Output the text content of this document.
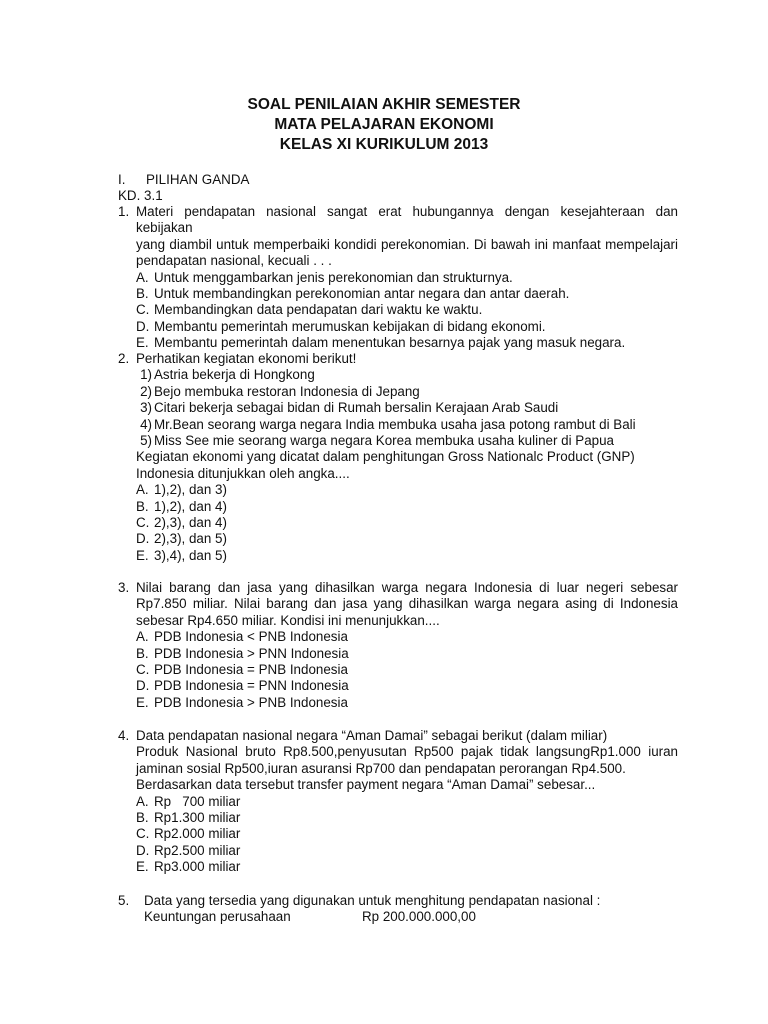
SOAL PENILAIAN AKHIR SEMESTER
MATA PELAJARAN EKONOMI
KELAS XI KURIKULUM 2013
I. PILIHAN GANDA
KD. 3.1
1. Materi pendapatan nasional sangat erat hubungannya dengan kesejahteraan dan kebijakan
yang diambil untuk memperbaiki kondidi perekonomian. Di bawah ini manfaat mempelajari
pendapatan nasional, kecuali . . .
A. Untuk menggambarkan jenis perekonomian dan strukturnya.
B. Untuk membandingkan perekonomian antar negara dan antar daerah.
C. Membandingkan data pendapatan dari waktu ke waktu.
D. Membantu pemerintah merumuskan kebijakan di bidang ekonomi.
E. Membantu pemerintah dalam menentukan besarnya pajak yang masuk negara.
2. Perhatikan kegiatan ekonomi berikut!
1) Astria bekerja di Hongkong
2) Bejo membuka restoran Indonesia di Jepang
3) Citari bekerja sebagai bidan di Rumah bersalin Kerajaan Arab Saudi
4) Mr.Bean seorang warga negara India membuka usaha jasa potong rambut di Bali
5) Miss See mie seorang warga negara Korea membuka usaha kuliner di Papua
Kegiatan ekonomi yang dicatat dalam penghitungan Gross Nationalc Product (GNP)
Indonesia ditunjukkan oleh angka....
A. 1),2), dan 3)
B. 1),2), dan 4)
C. 2),3), dan 4)
D. 2),3), dan 5)
E. 3),4), dan 5)
3. Nilai barang dan jasa yang dihasilkan warga negara Indonesia di luar negeri sebesar
Rp7.850 miliar. Nilai barang dan jasa yang dihasilkan warga negara asing di Indonesia
sebesar Rp4.650 miliar. Kondisi ini menunjukkan....
A. PDB Indonesia < PNB Indonesia
B. PDB Indonesia > PNN Indonesia
C. PDB Indonesia = PNB Indonesia
D. PDB Indonesia = PNN Indonesia
E. PDB Indonesia > PNB Indonesia
4. Data pendapatan nasional negara “Aman Damai” sebagai berikut (dalam miliar)
Produk Nasional bruto Rp8.500,penyusutan Rp500 pajak tidak langsungRp1.000 iuran
jaminan sosial Rp500,iuran asuransi Rp700 dan pendapatan perorangan Rp4.500.
Berdasarkan data tersebut transfer payment negara “Aman Damai” sebesar...
A. Rp   700 miliar
B. Rp1.300 miliar
C. Rp2.000 miliar
D. Rp2.500 miliar
E. Rp3.000 miliar
5. Data yang tersedia yang digunakan untuk menghitung pendapatan nasional :
Keuntungan perusahaan	Rp 200.000.000,00
